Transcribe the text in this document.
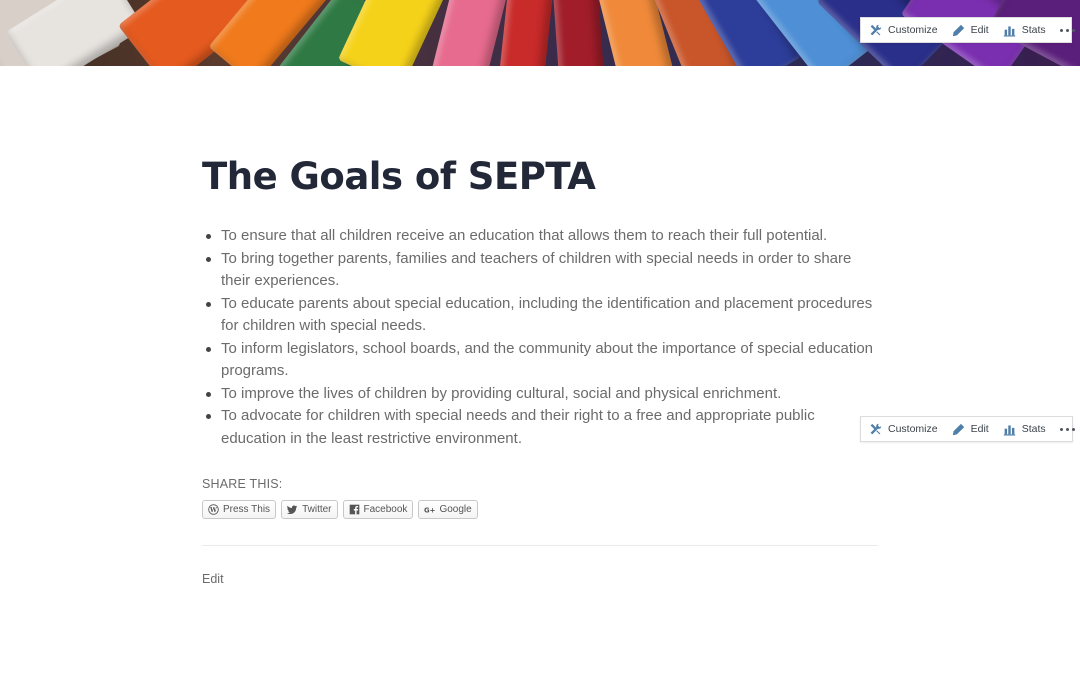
Customize	Edit	Stats
The Goals of SEPTA
To ensure that all children receive an education that allows them to reach their full potential.
To bring together parents, families and teachers of children with special needs in order to share their experiences.
To educate parents about special education, including the identification and placement procedures for children with special needs.
To inform legislators, school boards, and the community about the importance of special education programs.
To improve the lives of children by providing cultural, social and physical enrichment.
To advocate for children with special needs and their right to a free and appropriate public education in the least restrictive environment.
SHARE THIS:
W Press This	Twitter	Facebook G+ Google
Edit
Customize	Edit	Stats
